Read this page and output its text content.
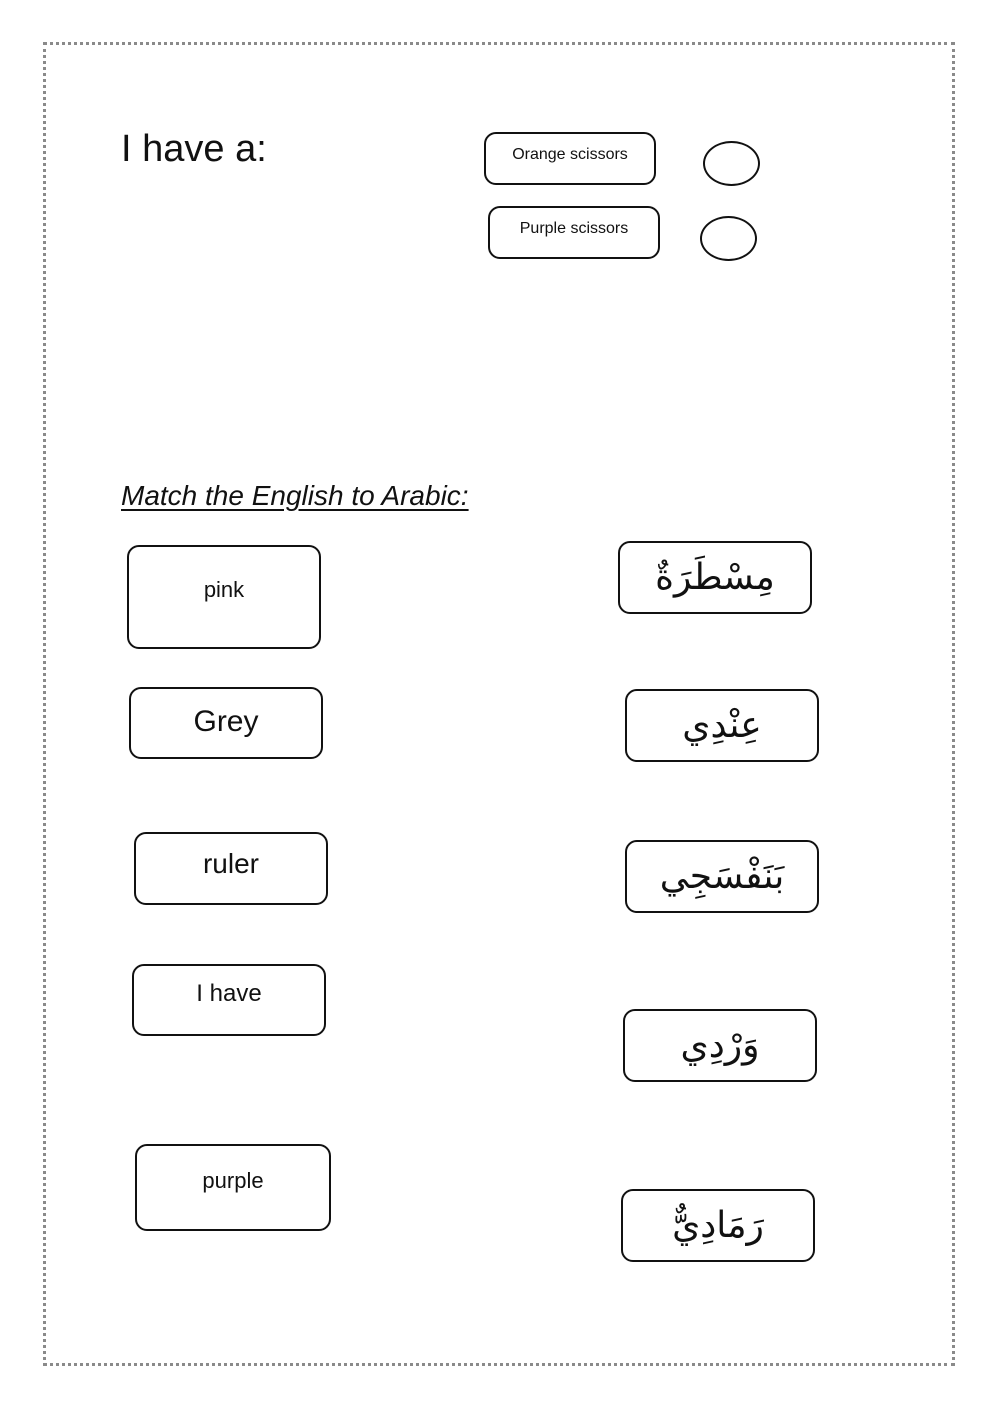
I have a:	Orange scissors
Purple scissors
Match the English to Arabic:
pink
Grey
ruler
I have
purple
مِسْطَرَةٌ
عِنْدِي
بَنَفْسَجِي
وَرْدِي
رَمَادِيٌّ
